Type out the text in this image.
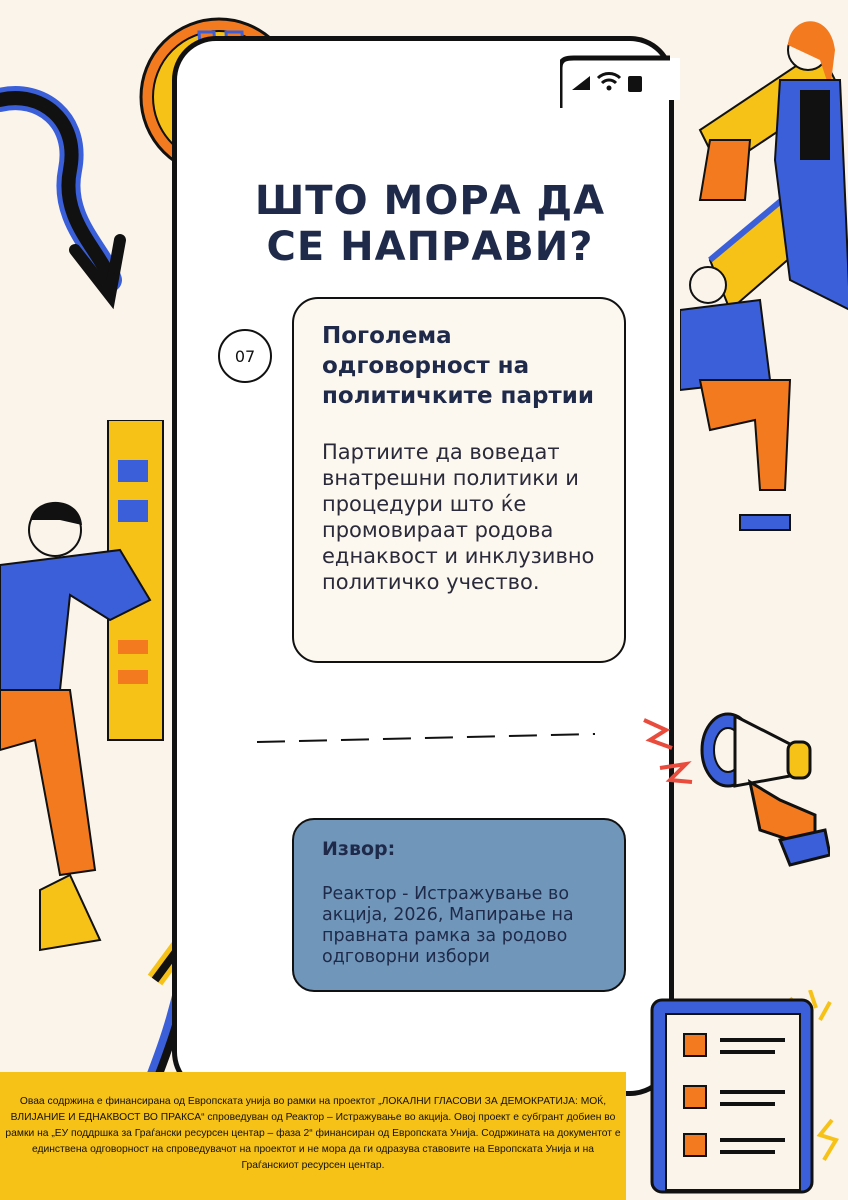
ШТО МОРА ДА
СЕ НАПРАВИ?
07
Поголема одговорност на политичките партии
Партиите да воведат внатрешни политики и процедури што ќе промовираат родова еднаквост и инклузивно политичко учество.
Извор:
Реактор - Истражување во акција, 2026, Мапирање на правната рамка за родово одговорни избори
Оваа содржина е финансирана од Европската унија во рамки на проектот „ЛОКАЛНИ ГЛАСОВИ ЗА ДЕМОКРАТИЈА: МОЌ, ВЛИЈАНИЕ И ЕДНАКВОСТ ВО ПРАКСА“ спроведуван од Реактор – Истражување во акција. Овој проект е субгрант добиен во рамки на „ЕУ поддршка за Граѓански ресурсен центар – фаза 2“ финансиран од Европската Унија. Содржината на документот е единствена одговорност на спроведувачот на проектот и не мора да ги одразува ставовите на Европската Унија и на Граѓанскиот ресурсен центар.
